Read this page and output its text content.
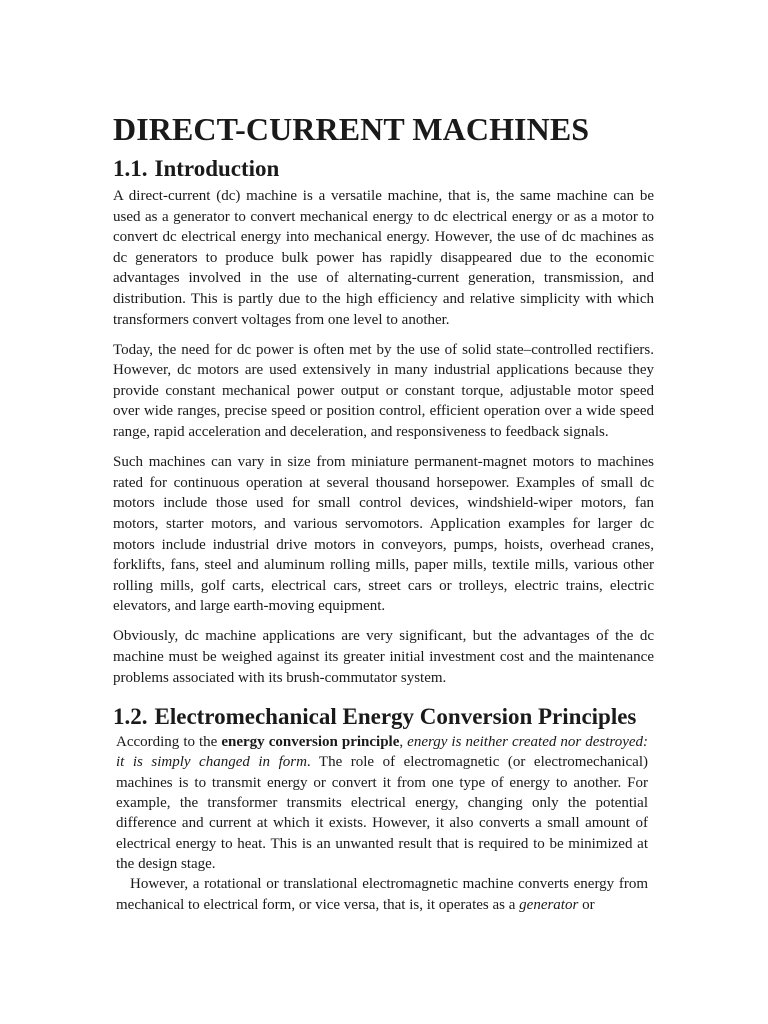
DIRECT-CURRENT MACHINES
1.1. Introduction

A direct-current (dc) machine is a versatile machine, that is, the same machine can be used as a generator to convert mechanical energy to dc electrical energy or as a motor to convert dc electrical energy into mechanical energy. However, the use of dc machines as dc generators to produce bulk power has rapidly disappeared due to the economic advantages involved in the use of alternating-current generation, transmission, and distribution. This is partly due to the high efficiency and relative simplicity with which transformers convert voltages from one level to another.

Today, the need for dc power is often met by the use of solid state–controlled rectifiers. However, dc motors are used extensively in many industrial applications because they provide constant mechanical power output or constant torque, adjustable motor speed over wide ranges, precise speed or position control, efficient operation over a wide speed range, rapid acceleration and deceleration, and responsiveness to feedback signals.

Such machines can vary in size from miniature permanent-magnet motors to machines rated for continuous operation at several thousand horsepower. Examples of small dc motors include those used for small control devices, windshield-wiper motors, fan motors, starter motors, and various servomotors. Application examples for larger dc motors include industrial drive motors in conveyors, pumps, hoists, overhead cranes, forklifts, fans, steel and aluminum rolling mills, paper mills, textile mills, various other rolling mills, golf carts, electrical cars, street cars or trolleys, electric trains, electric elevators, and large earth-moving equipment.

Obviously, dc machine applications are very significant, but the advantages of the dc machine must be weighed against its greater initial investment cost and the maintenance problems associated with its brush-commutator system.

1.2. Electromechanical Energy Conversion Principles

According to the energy conversion principle, energy is neither created nor destroyed: it is simply changed in form. The role of electromagnetic (or electromechanical) machines is to transmit energy or convert it from one type of energy to another. For example, the transformer transmits electrical energy, changing only the potential difference and current at which it exists. However, it also converts a small amount of electrical energy to heat. This is an unwanted result that is required to be minimized at the design stage.

However, a rotational or translational electromagnetic machine converts energy from mechanical to electrical form, or vice versa, that is, it operates as a generator or
